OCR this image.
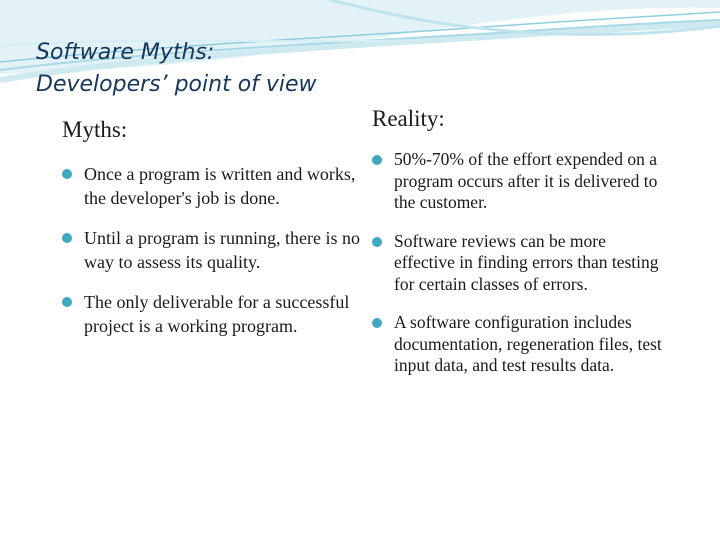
Software Myths:
Developers’ point of view
Myths:	Reality:
Once a program is written and works, the developer's job is done.
Until a program is running, there is no way to assess its quality.
The only deliverable for a successful project is a working program.
50%-70% of the effort expended on a program occurs after it is delivered to the customer.
Software reviews can be more effective in finding errors than testing for certain classes of errors.
A software configuration includes documentation, regeneration files, test input data, and test results data.
